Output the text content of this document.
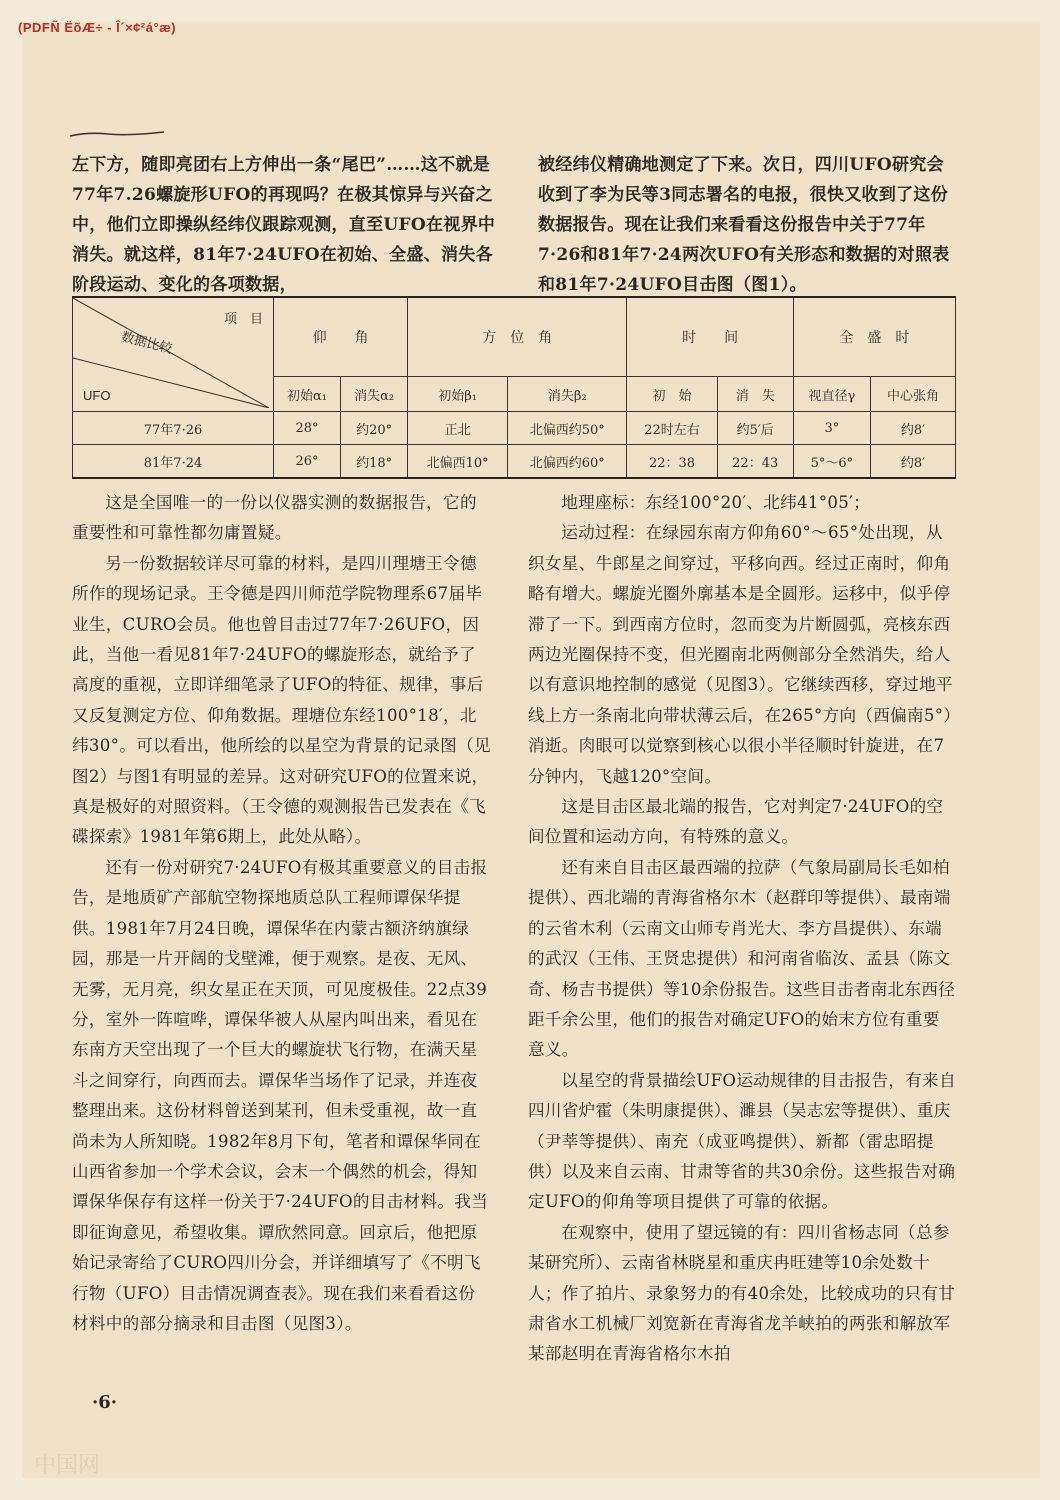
(PDFÑ ËõÆ÷ - Î´×¢²á°æ)
左下方，随即亮团右上方伸出一条“尾巴”……这不就是77年7.26螺旋形UFO的再现吗？在极其惊异与兴奋之中，他们立即操纵经纬仪跟踪观测，直至UFO在视界中消失。就这样，81年7·24UFO在初始、全盛、消失各阶段运动、变化的各项数据，
被经纬仪精确地测定了下来。次日，四川UFO研究会收到了李为民等3同志署名的电报，很快又收到了这份数据报告。现在让我们来看看这份报告中关于77年7·26和81年7·24两次UFO有关形态和数据的对照表和81年7·24UFO目击图（图1）。
项　目
数据比较
UFO	仰　　角		方　位　角		时　　间		全　盛　时	
	初始α₁	消失α₂	初始β₁	消失β₂	初　始	消　失	视直径γ	中心张角
77年7·26	28°	约20°	正北	北偏西约50°	22时左右	约5′后	3°	约8′
81年7·24	26°	约18°	北偏西10°	北偏西约60°	22：38	22：43	5°～6°	约8′

这是全国唯一的一份以仪器实测的数据报告，它的重要性和可靠性都勿庸置疑。

另一份数据较详尽可靠的材料，是四川理塘王令德所作的现场记录。王令德是四川师范学院物理系67届毕业生，CURO会员。他也曾目击过77年7·26UFO，因此，当他一看见81年7·24UFO的螺旋形态，就给予了高度的重视，立即详细笔录了UFO的特征、规律，事后又反复测定方位、仰角数据。理塘位东经100°18′，北纬30°。可以看出，他所绘的以星空为背景的记录图（见图2）与图1有明显的差异。这对研究UFO的位置来说，真是极好的对照资料。（王令德的观测报告已发表在《飞碟探索》1981年第6期上，此处从略）。

还有一份对研究7·24UFO有极其重要意义的目击报告，是地质矿产部航空物探地质总队工程师谭保华提供。1981年7月24日晚，谭保华在内蒙古额济纳旗绿园，那是一片开阔的戈壁滩，便于观察。是夜、无风、无雾，无月亮，织女星正在天顶，可见度极佳。22点39分，室外一阵喧哗，谭保华被人从屋内叫出来，看见在东南方天空出现了一个巨大的螺旋状飞行物，在满天星斗之间穿行，向西而去。谭保华当场作了记录，并连夜整理出来。这份材料曾送到某刊，但未受重视，故一直尚未为人所知晓。1982年8月下旬，笔者和谭保华同在山西省参加一个学术会议，会末一个偶然的机会，得知谭保华保存有这样一份关于7·24UFO的目击材料。我当即征询意见，希望收集。谭欣然同意。回京后，他把原始记录寄给了CURO四川分会，并详细填写了《不明飞行物（UFO）目击情况调查表》。现在我们来看看这份材料中的部分摘录和目击图（见图3）。

地理座标：东经100°20′、北纬41°05′；

运动过程：在绿园东南方仰角60°～65°处出现，从织女星、牛郎星之间穿过，平移向西。经过正南时，仰角略有增大。螺旋光圈外廓基本是全圆形。运移中，似乎停滞了一下。到西南方位时，忽而变为片断圆弧，亮核东西两边光圈保持不变，但光圈南北两侧部分全然消失，给人以有意识地控制的感觉（见图3）。它继续西移，穿过地平线上方一条南北向带状薄云后，在265°方向（西偏南5°）消逝。肉眼可以觉察到核心以很小半径顺时针旋进，在7分钟内，飞越120°空间。

这是目击区最北端的报告，它对判定7·24UFO的空间位置和运动方向，有特殊的意义。

还有来自目击区最西端的拉萨（气象局副局长毛如柏提供）、西北端的青海省格尔木（赵群印等提供）、最南端的云省木利（云南文山师专肖光大、李方昌提供）、东端的武汉（王伟、王贤忠提供）和河南省临汝、孟县（陈文奇、杨吉书提供）等10余份报告。这些目击者南北东西径距千余公里，他们的报告对确定UFO的始末方位有重要意义。

以星空的背景描绘UFO运动规律的目击报告，有来自四川省炉霍（朱明康提供）、濉县（吴志宏等提供）、重庆（尹莘等提供）、南充（成亚鸣提供）、新都（雷忠昭提供）以及来自云南、甘肃等省的共30余份。这些报告对确定UFO的仰角等项目提供了可靠的依据。

在观察中，使用了望远镜的有：四川省杨志同（总参某研究所）、云南省林晓星和重庆冉旺建等10余处数十人；作了拍片、录象努力的有40余处，比较成功的只有甘肃省水工机械厂刘宽新在青海省龙羊峡拍的两张和解放军某部赵明在青海省格尔木拍

·6·
中国网
